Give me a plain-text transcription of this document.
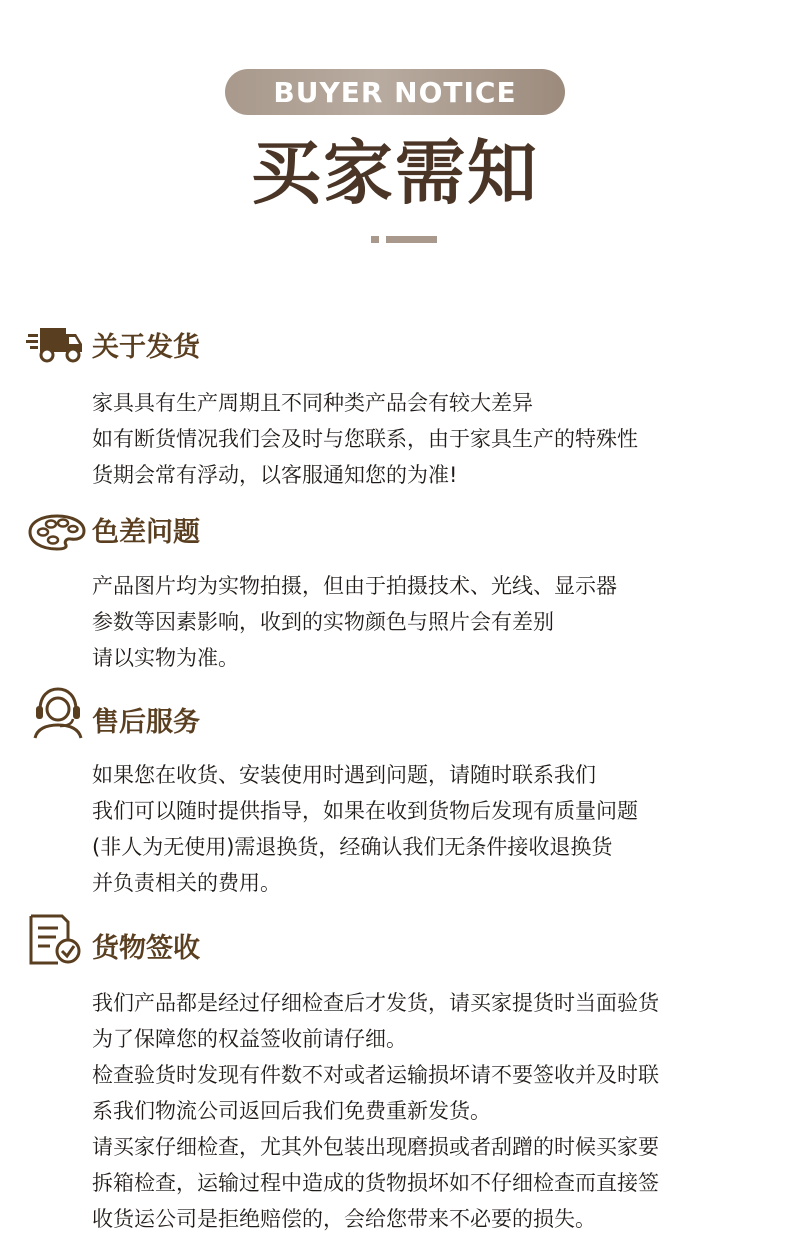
BUYER NOTICE
买家需知
关于发货
家具具有生产周期且不同种类产品会有较大差异
如有断货情况我们会及时与您联系，由于家具生产的特殊性
货期会常有浮动，以客服通知您的为准!
色差问题
产品图片均为实物拍摄，但由于拍摄技术、光线、显示器
参数等因素影响，收到的实物颜色与照片会有差别
请以实物为准。
售后服务
如果您在收货、安装使用时遇到问题，请随时联系我们
我们可以随时提供指导，如果在收到货物后发现有质量问题
(非人为无使用)需退换货，经确认我们无条件接收退换货
并负责相关的费用。
货物签收
我们产品都是经过仔细检查后才发货，请买家提货时当面验货
为了保障您的权益签收前请仔细。
检查验货时发现有件数不对或者运输损坏请不要签收并及时联
系我们物流公司返回后我们免费重新发货。
请买家仔细检查，尤其外包装出现磨损或者刮蹭的时候买家要
拆箱检查，运输过程中造成的货物损坏如不仔细检查而直接签
收货运公司是拒绝赔偿的，会给您带来不必要的损失。
